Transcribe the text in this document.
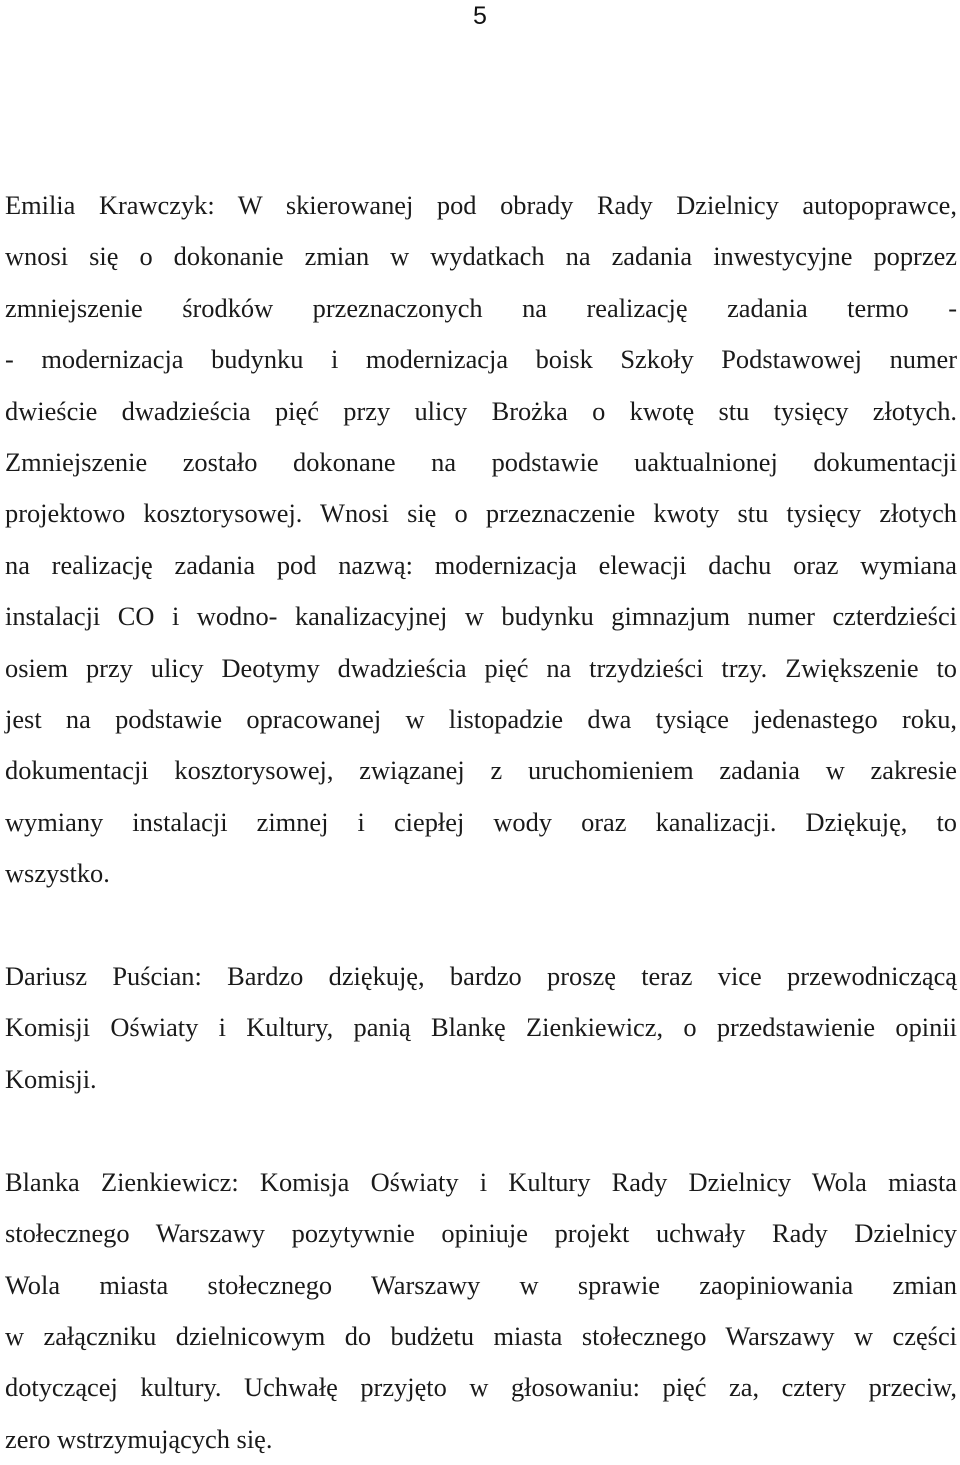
5
Emilia Krawczyk: W skierowanej pod obrady Rady Dzielnicy autopoprawce,
wnosi się o dokonanie zmian w wydatkach na zadania inwestycyjne poprzez
zmniejszenie środków przeznaczonych na realizację zadania termo -
- modernizacja budynku i modernizacja boisk Szkoły Podstawowej numer
dwieście dwadzieścia pięć przy ulicy Brożka o kwotę stu tysięcy złotych.
Zmniejszenie zostało dokonane na podstawie uaktualnionej dokumentacji
projektowo kosztorysowej. Wnosi się o przeznaczenie kwoty stu tysięcy złotych
na realizację zadania pod nazwą: modernizacja elewacji dachu oraz wymiana
instalacji CO i wodno- kanalizacyjnej w budynku gimnazjum numer czterdzieści
osiem przy ulicy Deotymy dwadzieścia pięć na trzydzieści trzy. Zwiększenie to
jest na podstawie opracowanej w listopadzie dwa tysiące jedenastego roku,
dokumentacji kosztorysowej, związanej z uruchomieniem zadania w zakresie
wymiany instalacji zimnej i ciepłej wody oraz kanalizacji. Dziękuję, to
wszystko.
Dariusz Puścian: Bardzo dziękuję, bardzo proszę teraz vice przewodniczącą
Komisji Oświaty i Kultury, panią Blankę Zienkiewicz, o przedstawienie opinii
Komisji.
Blanka Zienkiewicz: Komisja Oświaty i Kultury Rady Dzielnicy Wola miasta
stołecznego Warszawy pozytywnie opiniuje projekt uchwały Rady Dzielnicy
Wola miasta stołecznego Warszawy w sprawie zaopiniowania zmian
w załączniku dzielnicowym do budżetu miasta stołecznego Warszawy w części
dotyczącej kultury. Uchwałę przyjęto w głosowaniu: pięć za, cztery przeciw,
zero wstrzymujących się.
